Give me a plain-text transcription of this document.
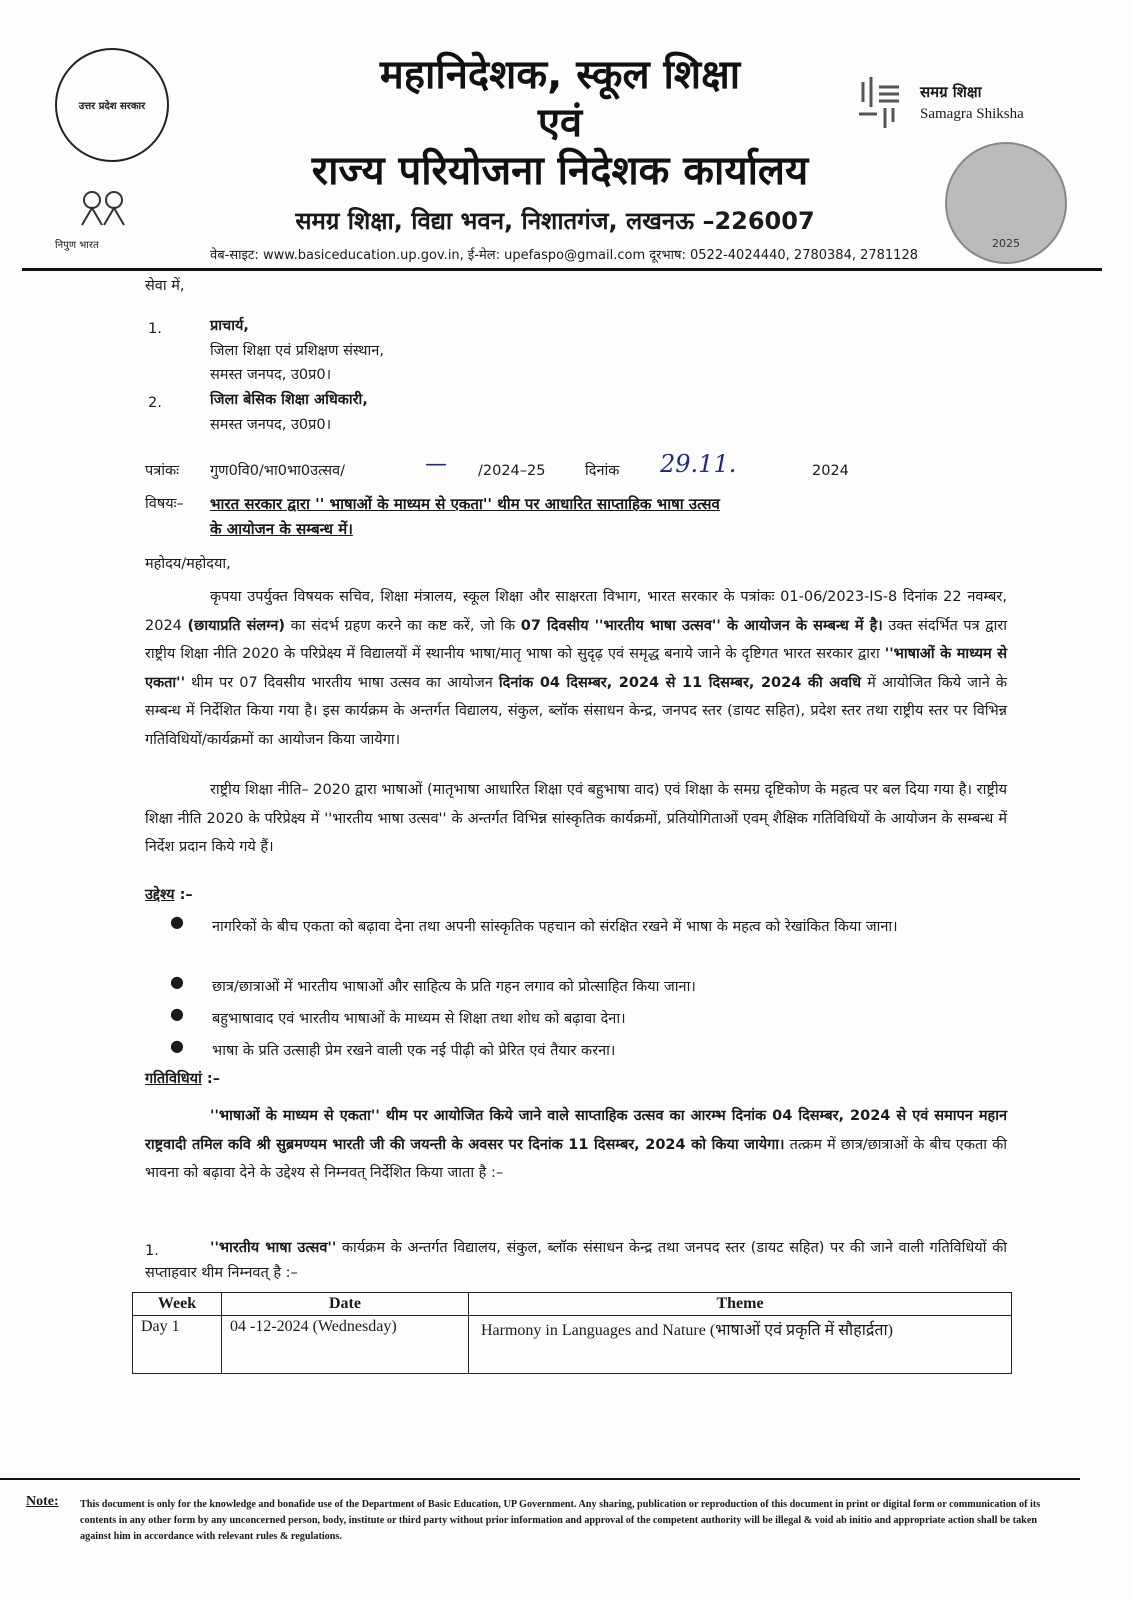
उत्तर प्रदेश सरकार
निपुण भारत
महानिदेशक, स्कूल शिक्षा
एवं
राज्य परियोजना निदेशक कार्यालय
समग्र शिक्षा, विद्या भवन, निशातगंज, लखनऊ –226007
वेब-साइट: www.basiceducation.up.gov.in, ई-मेल: upefaspo@gmail.com दूरभाष: 0522-4024440, 2780384, 2781128
समग्र शिक्षा
Samagra Shiksha
2025
सेवा में,
1.	प्राचार्य,
जिला शिक्षा एवं प्रशिक्षण संस्थान,
समस्त जनपद, उ0प्र0।
2.	जिला बेसिक शिक्षा अधिकारी,
समस्त जनपद, उ0प्र0।
पत्रांकः गुण0वि0/भा0भा0उत्सव/	— /2024–25	दिनांक 29.11.	2024
विषयः– भारत सरकार द्वारा '' भाषाओं के माध्यम से एकता'' थीम पर आधारित साप्ताहिक भाषा उत्सव
के आयोजन के सम्बन्ध में।
महोदय/महोदया,
कृपया उपर्युक्त विषयक सचिव, शिक्षा मंत्रालय, स्कूल शिक्षा और साक्षरता विभाग, भारत सरकार के पत्रांकः 01-06/2023-IS-8 दिनांक 22 नवम्बर, 2024 (छायाप्रति संलग्न) का संदर्भ ग्रहण करने का कष्ट करें, जो कि 07 दिवसीय ''भारतीय भाषा उत्सव'' के आयोजन के सम्बन्ध में है। उक्त संदर्भित पत्र द्वारा राष्ट्रीय शिक्षा नीति 2020 के परिप्रेक्ष्य में विद्यालयों में स्थानीय भाषा/मातृ भाषा को सुदृढ़ एवं समृद्ध बनाये जाने के दृष्टिगत भारत सरकार द्वारा ''भाषाओं के माध्यम से एकता'' थीम पर 07 दिवसीय भारतीय भाषा उत्सव का आयोजन दिनांक 04 दिसम्बर, 2024 से 11 दिसम्बर, 2024 की अवधि में आयोजित किये जाने के सम्बन्ध में निर्देशित किया गया है। इस कार्यक्रम के अन्तर्गत विद्यालय, संकुल, ब्लॉक संसाधन केन्द्र, जनपद स्तर (डायट सहित), प्रदेश स्तर तथा राष्ट्रीय स्तर पर विभिन्न गतिविधियों/कार्यक्रमों का आयोजन किया जायेगा।
राष्ट्रीय शिक्षा नीति– 2020 द्वारा भाषाओं (मातृभाषा आधारित शिक्षा एवं बहुभाषा वाद) एवं शिक्षा के समग्र दृष्टिकोण के महत्व पर बल दिया गया है। राष्ट्रीय शिक्षा नीति 2020 के परिप्रेक्ष्य में ''भारतीय भाषा उत्सव'' के अन्तर्गत विभिन्न सांस्कृतिक कार्यक्रमों, प्रतियोगिताओं एवम् शैक्षिक गतिविधियों के आयोजन के सम्बन्ध में निर्देश प्रदान किये गये हैं।
उद्देश्य :–
● नागरिकों के बीच एकता को बढ़ावा देना तथा अपनी सांस्कृतिक पहचान को संरक्षित रखने में भाषा के महत्व को रेखांकित किया जाना।
● छात्र/छात्राओं में भारतीय भाषाओं और साहित्य के प्रति गहन लगाव को प्रोत्साहित किया जाना।
● बहुभाषावाद एवं भारतीय भाषाओं के माध्यम से शिक्षा तथा शोध को बढ़ावा देना।
● भाषा के प्रति उत्साही प्रेम रखने वाली एक नई पीढ़ी को प्रेरित एवं तैयार करना।
गतिविधियां :–
''भाषाओं के माध्यम से एकता'' थीम पर आयोजित किये जाने वाले साप्ताहिक उत्सव का आरम्भ दिनांक 04 दिसम्बर, 2024 से एवं समापन महान राष्ट्रवादी तमिल कवि श्री सुब्रमण्यम भारती जी की जयन्ती के अवसर पर दिनांक 11 दिसम्बर, 2024 को किया जायेगा। तत्क्रम में छात्र/छात्राओं के बीच एकता की भावना को बढ़ावा देने के उद्देश्य से निम्नवत् निर्देशित किया जाता है :–
1.	''भारतीय भाषा उत्सव'' कार्यक्रम के अन्तर्गत विद्यालय, संकुल, ब्लॉक संसाधन केन्द्र तथा जनपद स्तर (डायट सहित) पर की जाने वाली गतिविधियों की सप्ताहवार थीम निम्नवत् है :–
Week	Date	Theme
Day 1	04 -12-2024 (Wednesday)	Harmony in Languages and Nature (भाषाओं एवं प्रकृति में सौहार्द्रता)
Note: This document is only for the knowledge and bonafide use of the Department of Basic Education, UP Government. Any sharing, publication or reproduction of this document in print or digital form or communication of its contents in any other form by any unconcerned person, body, institute or third party without prior information and approval of the competent authority will be illegal & void ab initio and appropriate action shall be taken against him in accordance with relevant rules & regulations.
